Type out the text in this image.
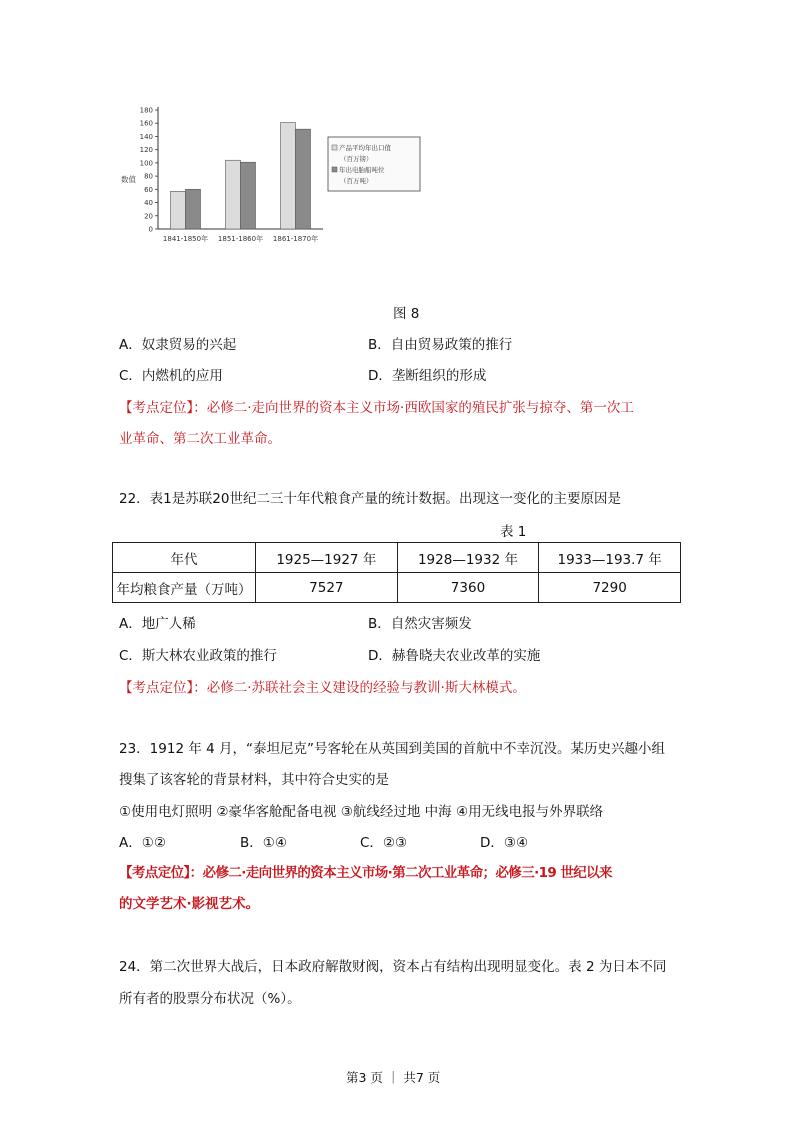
0
20
40
60
80
100
120
140
160
180
1841-1850年 1851-1860年 1861-1870年
数值
产品平均年出口值
（百万镑）
年出电胎船吨位
（百万吨）
图 8
A．奴隶贸易的兴起	B．自由贸易政策的推行
C．内燃机的应用	D．垄断组织的形成
【考点定位】：必修二·走向世界的资本主义市场·西欧国家的殖民扩张与掠夺、第一次工
业革命、第二次工业革命。
22．表1是苏联20世纪二三十年代粮食产量的统计数据。出现这一变化的主要原因是
表 1
年代	1925—1927 年	1928—1932 年	1933—193.7 年
年均粮食产量（万吨）	7527	7360	7290
A．地广人稀	B．自然灾害频发
C．斯大林农业政策的推行	D．赫鲁晓夫农业改革的实施
【考点定位】：必修二·苏联社会主义建设的经验与教训·斯大林模式。
23．1912 年 4 月，“泰坦尼克”号客轮在从英国到美国的首航中不幸沉没。某历史兴趣小组
搜集了该客轮的背景材料，其中符合史实的是
①使用电灯照明 ②豪华客舱配备电视 ③航线经过地 中海 ④用无线电报与外界联络
A．①②	B．①④	C．②③	D．③④
【考点定位】：必修二·走向世界的资本主义市场·第二次工业革命；必修三·19 世纪以来
的文学艺术·影视艺术。
24．第二次世界大战后，日本政府解散财阀，资本占有结构出现明显变化。表 2 为日本不同
所有者的股票分布状况（%）。
第3 页 ｜ 共7 页
